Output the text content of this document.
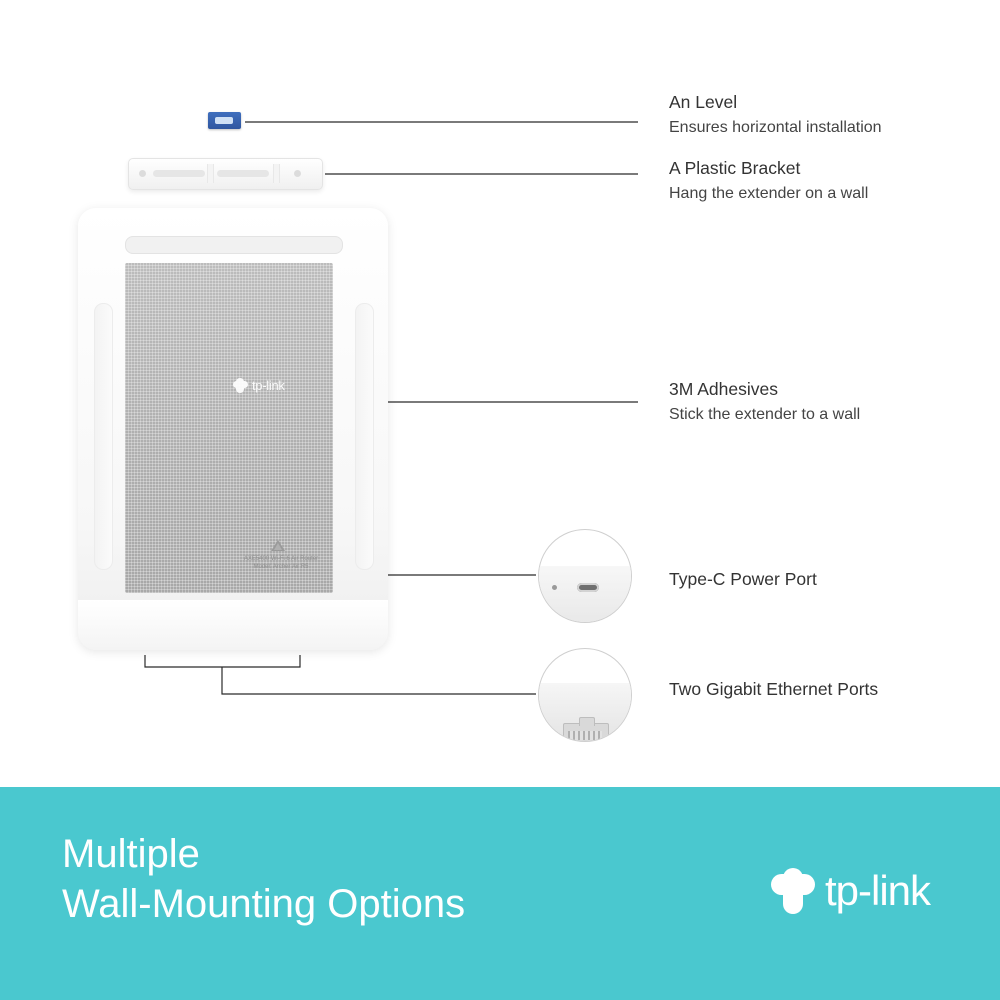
tp-link
AXE5400 Wi-Fi 6 Air Router
Model: Archer Air R5
An Level
Ensures horizontal installation
A Plastic Bracket
Hang the extender on a wall
3M Adhesives
Stick the extender to a wall
Type-C Power Port
Two Gigabit Ethernet Ports
Multiple
Wall-Mounting Options	tp-link
